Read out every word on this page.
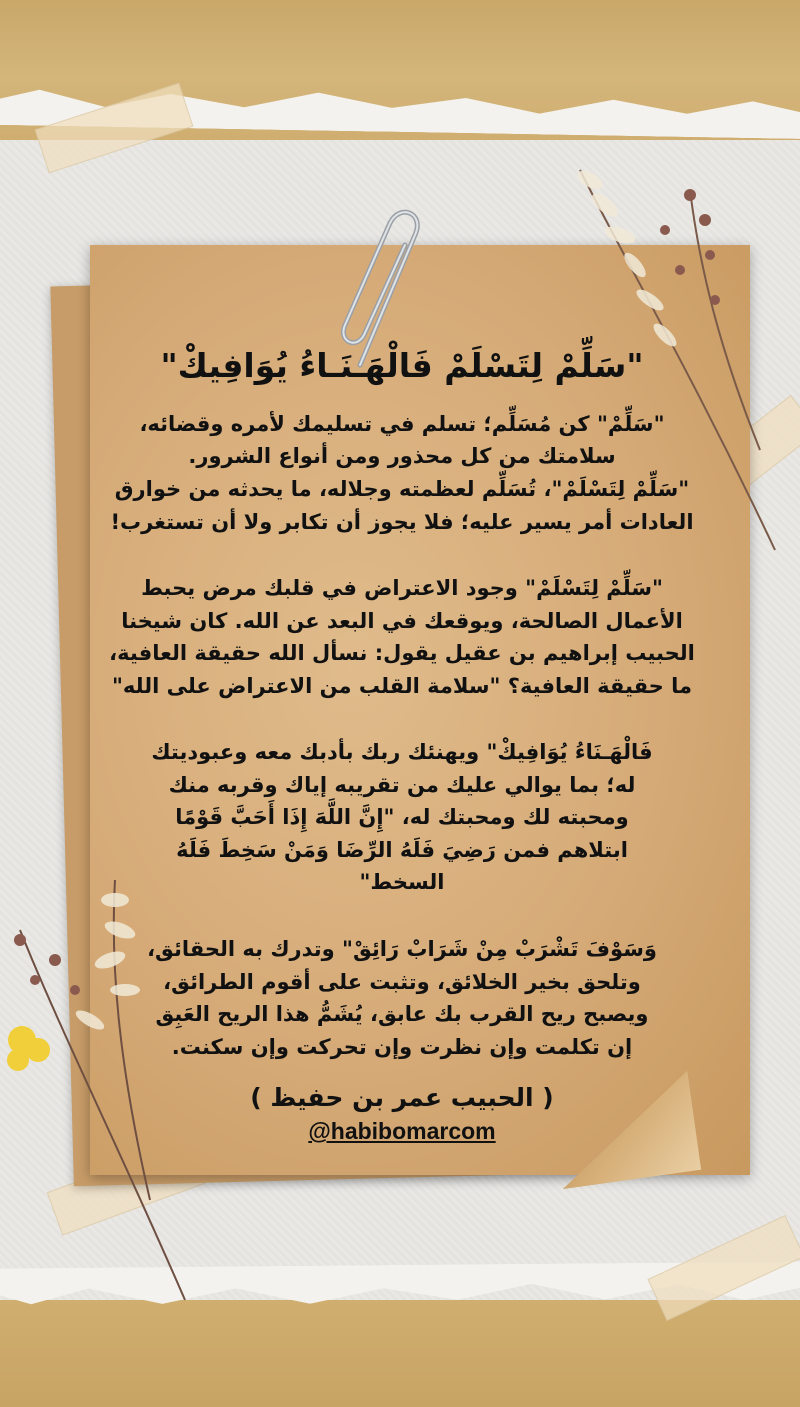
"سَلِّمْ لِتَسْلَمْ فَالْهَـنَـاءُ يُوَافِيكْ"

"سَلِّمْ" كن مُسَلِّم؛ تسلم في تسليمك لأمره وقضائه،
سلامتك من كل محذور ومن أنواع الشرور.
"سَلِّمْ لِتَسْلَمْ"، تُسَلِّم لعظمته وجلاله، ما يحدثه من خوارق
العادات أمر يسير عليه؛ فلا يجوز أن تكابر ولا أن تستغرب!

"سَلِّمْ لِتَسْلَمْ" وجود الاعتراض في قلبك مرض يحبط
الأعمال الصالحة، ويوقعك في البعد عن الله. كان شيخنا
الحبيب إبراهيم بن عقيل يقول: نسأل الله حقيقة العافية،
ما حقيقة العافية؟ "سلامة القلب من الاعتراض على الله"

فَالْهَـنَاءُ يُوَافِيكْ" ويهنئك ربك بأدبك معه وعبوديتك
له؛ بما يوالي عليك من تقريبه إياك وقربه منك
ومحبته لك ومحبتك له، "إِنَّ اللَّهَ إِذَا أَحَبَّ قَوْمًا
ابتلاهم فمن رَضِيَ فَلَهُ الرِّضَا وَمَنْ سَخِطَ فَلَهُ
السخط"

وَسَوْفَ تَشْرَبْ مِنْ شَرَابْ رَائِقْ" وتدرك به الحقائق،
وتلحق بخير الخلائق، وتثبت على أقوم الطرائق،
ويصبح ريح القرب بك عابق، يُشَمُّ هذا الريح العَبِق
إن تكلمت وإن نظرت وإن تحركت وإن سكنت.

( الحبيب عمر بن حفيظ )
@habibomarcom
